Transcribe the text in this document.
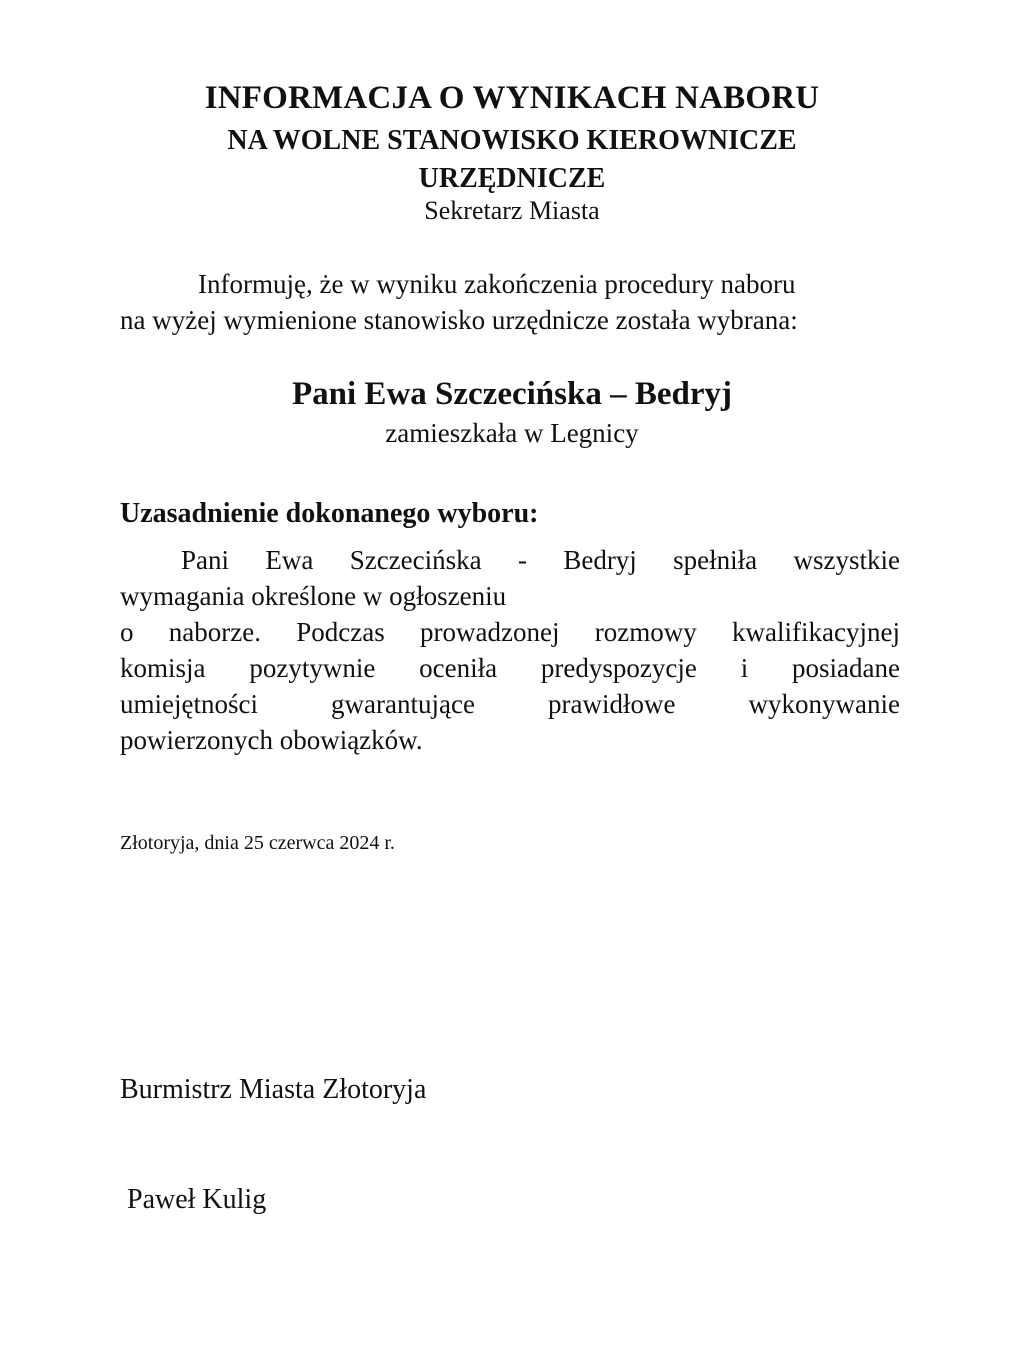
INFORMACJA O WYNIKACH NABORU
NA WOLNE STANOWISKO KIEROWNICZE
URZĘDNICZE
Sekretarz Miasta
Informuję, że w wyniku zakończenia procedury naboru
na wyżej wymienione stanowisko urzędnicze została wybrana:
Pani Ewa Szczecińska – Bedryj
zamieszkała w Legnicy
Uzasadnienie dokonanego wyboru:
Pani Ewa Szczecińska - Bedryj spełniła wszystkie
wymagania określone w ogłoszeniu
o naborze. Podczas prowadzonej rozmowy kwalifikacyjnej
komisja pozytywnie oceniła predyspozycje i posiadane
umiejętności gwarantujące prawidłowe wykonywanie
powierzonych obowiązków.
Złotoryja, dnia 25 czerwca 2024 r.
Burmistrz Miasta Złotoryja
Paweł Kulig
